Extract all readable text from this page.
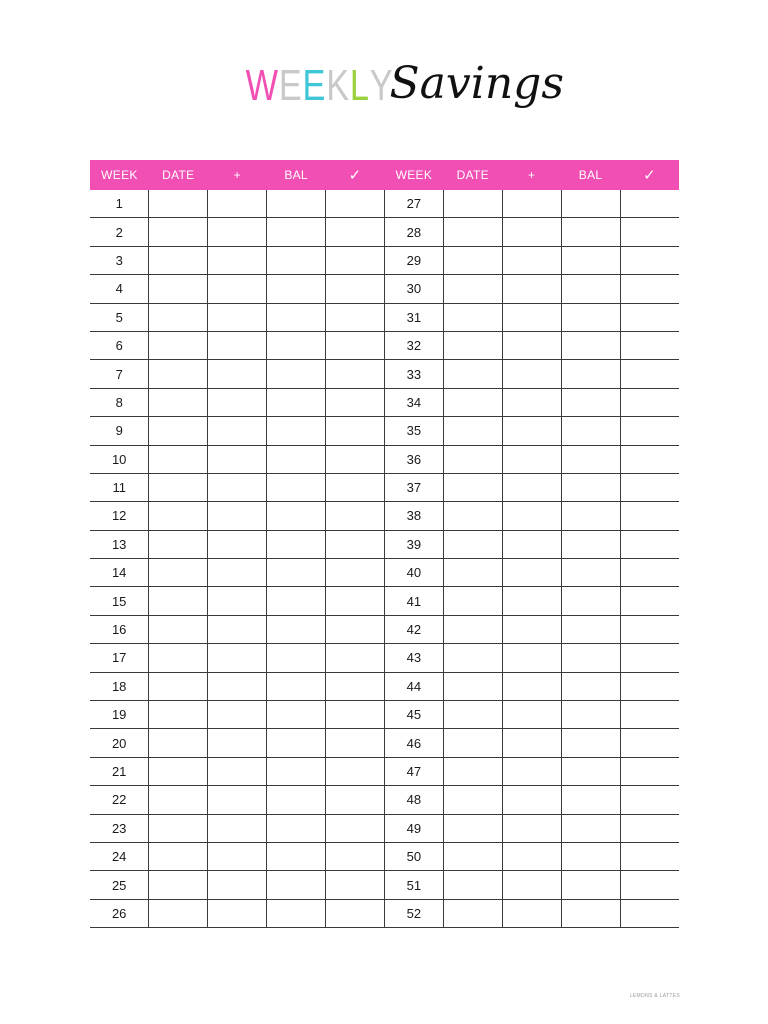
WEEKLY
Savings
WEEK	DATE	+	BAL	✓	WEEK	DATE	+	BAL	✓
1					27				
2					28				
3					29				
4					30				
5					31				
6					32				
7					33				
8					34				
9					35				
10					36				
11					37				
12					38				
13					39				
14					40				
15					41				
16					42				
17					43				
18					44				
19					45				
20					46				
21					47				
22					48				
23					49				
24					50				
25					51				
26					52				
LEMONS & LATTES
